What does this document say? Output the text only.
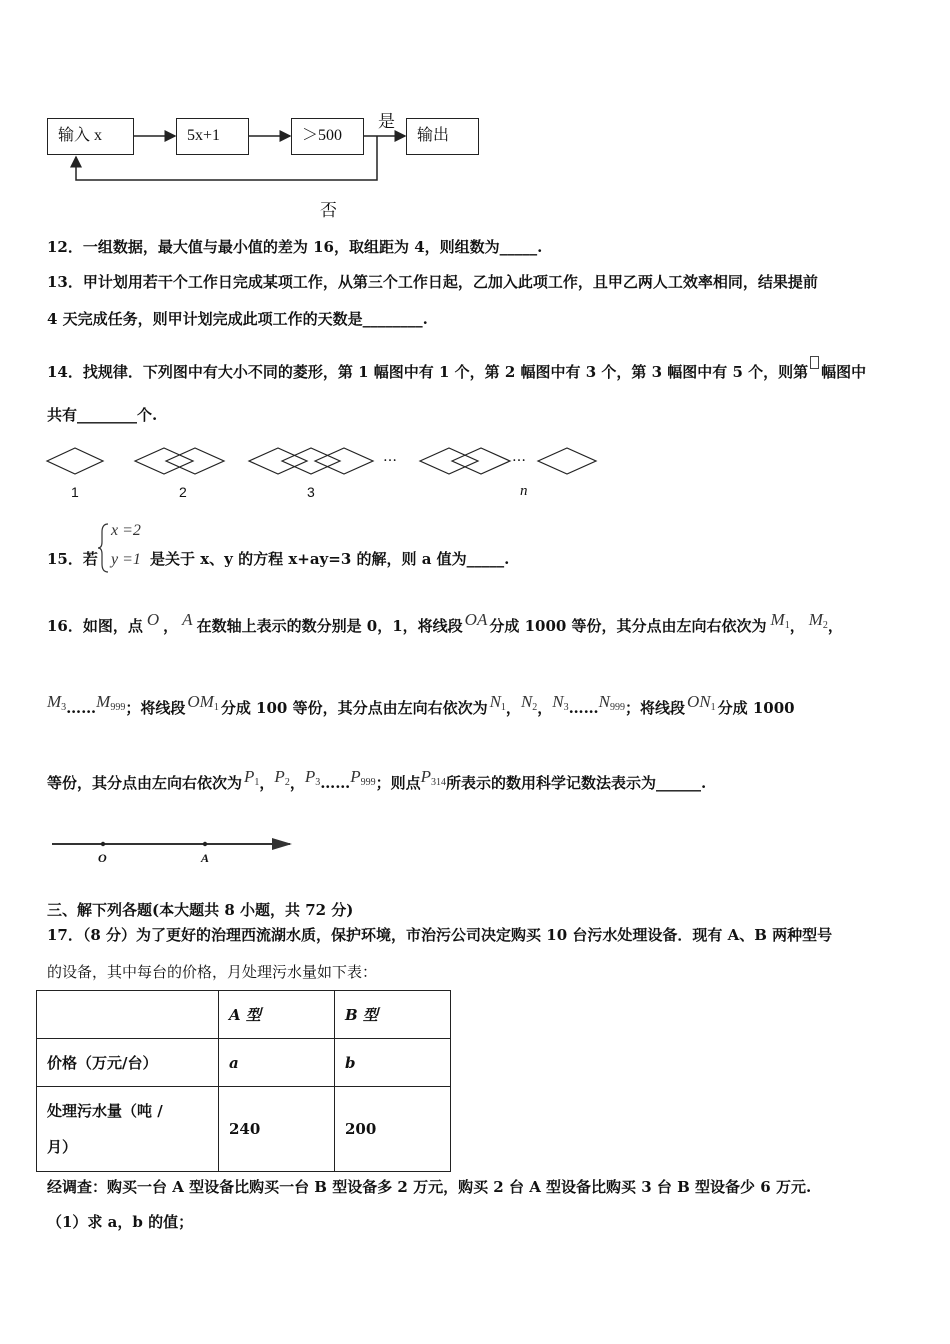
输入 x	5x+1	＞500	输出
是
否
12．一组数据，最大值与最小值的差为 16，取组距为 4，则组数为_____.
13．甲计划用若干个工作日完成某项工作，从第三个工作日起，乙加入此项工作，且甲乙两人工效率相同，结果提前
4 天完成任务，则甲计划完成此项工作的天数是________.
14．找规律．下列图中有大小不同的菱形，第 1 幅图中有 1 个，第 2 幅图中有 3 个，第 3 幅图中有 5 个，则第 幅图中
共有________个.
…	…
1	2	3	n
15．若
x =2
y =1 是关于 x、y 的方程 x+ay=3 的解，则 a 值为_____.
16．如图，点 O ， A 在数轴上表示的数分别是 0，1，将线段 OA 分成 1000 等份，其分点由左向右依次为 $M_1$， $M_2$，
$M_3\dots\dots M_{999}$；将线段 $OM_1$ 分成 100 等份，其分点由左向右依次为 $N_1$，$N_2$，$N_3\dots\dots N_{999}$；将线段 $ON_1$ 分成 1000
等份，其分点由左向右依次为 $P_1$，$P_2$，$P_3\dots\dots P_{999}$；则点$P_{314}$所表示的数用科学记数法表示为______.
O	A
三、解下列各题(本大题共 8 小题，共 72 分)
17．（8 分）为了更好的治理西流湖水质，保护环境，市治污公司决定购买 10 台污水处理设备．现有 A、B 两种型号
的设备，其中每台的价格，月处理污水量如下表：
	A 型	B 型
价格（万元/台）	a	b

处理污水量（吨 /
月）	240	200
经调查：购买一台 A 型设备比购买一台 B 型设备多 2 万元，购买 2 台 A 型设备比购买 3 台 B 型设备少 6 万元.
（1）求 a，b 的值；
